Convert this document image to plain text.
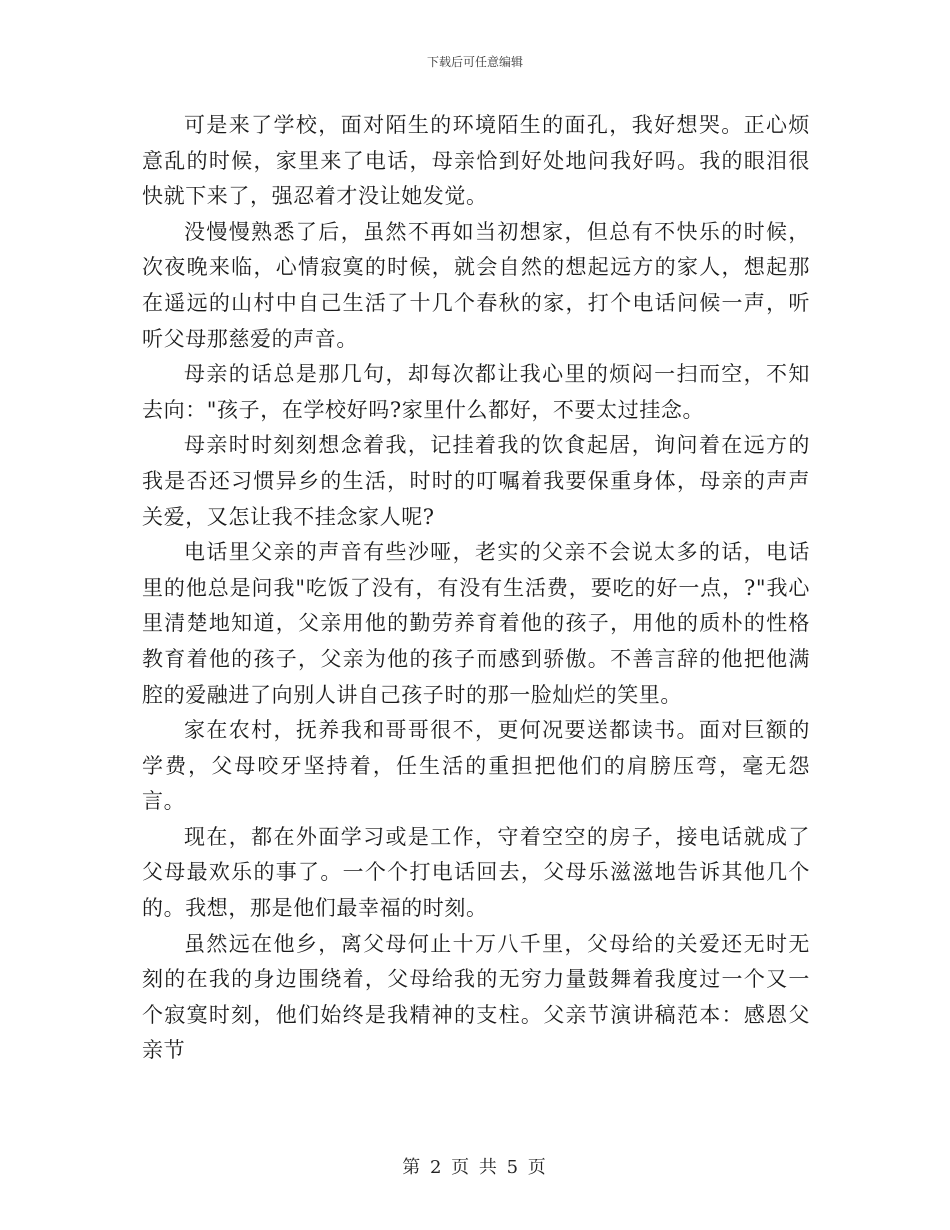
下载后可任意编辑

可是来了学校，面对陌生的环境陌生的面孔，我好想哭。正心烦意乱的时候，家里来了电话，母亲恰到好处地问我好吗。我的眼泪很快就下来了，强忍着才没让她发觉。

没慢慢熟悉了后，虽然不再如当初想家，但总有不快乐的时候，次夜晚来临，心情寂寞的时候，就会自然的想起远方的家人，想起那在遥远的山村中自己生活了十几个春秋的家，打个电话问候一声，听听父母那慈爱的声音。

母亲的话总是那几句，却每次都让我心里的烦闷一扫而空，不知去向："孩子，在学校好吗?家里什么都好，不要太过挂念。

母亲时时刻刻想念着我，记挂着我的饮食起居，询问着在远方的我是否还习惯异乡的生活，时时的叮嘱着我要保重身体，母亲的声声关爱，又怎让我不挂念家人呢?

电话里父亲的声音有些沙哑，老实的父亲不会说太多的话，电话里的他总是问我"吃饭了没有，有没有生活费，要吃的好一点，?"我心里清楚地知道，父亲用他的勤劳养育着他的孩子，用他的质朴的性格教育着他的孩子，父亲为他的孩子而感到骄傲。不善言辞的他把他满腔的爱融进了向别人讲自己孩子时的那一脸灿烂的笑里。

家在农村，抚养我和哥哥很不，更何况要送都读书。面对巨额的学费，父母咬牙坚持着，任生活的重担把他们的肩膀压弯，毫无怨言。

现在，都在外面学习或是工作，守着空空的房子，接电话就成了父母最欢乐的事了。一个个打电话回去，父母乐滋滋地告诉其他几个的。我想，那是他们最幸福的时刻。

虽然远在他乡，离父母何止十万八千里，父母给的关爱还无时无刻的在我的身边围绕着，父母给我的无穷力量鼓舞着我度过一个又一个寂寞时刻，他们始终是我精神的支柱。父亲节演讲稿范本：感恩父亲节

第 2 页 共 5 页
